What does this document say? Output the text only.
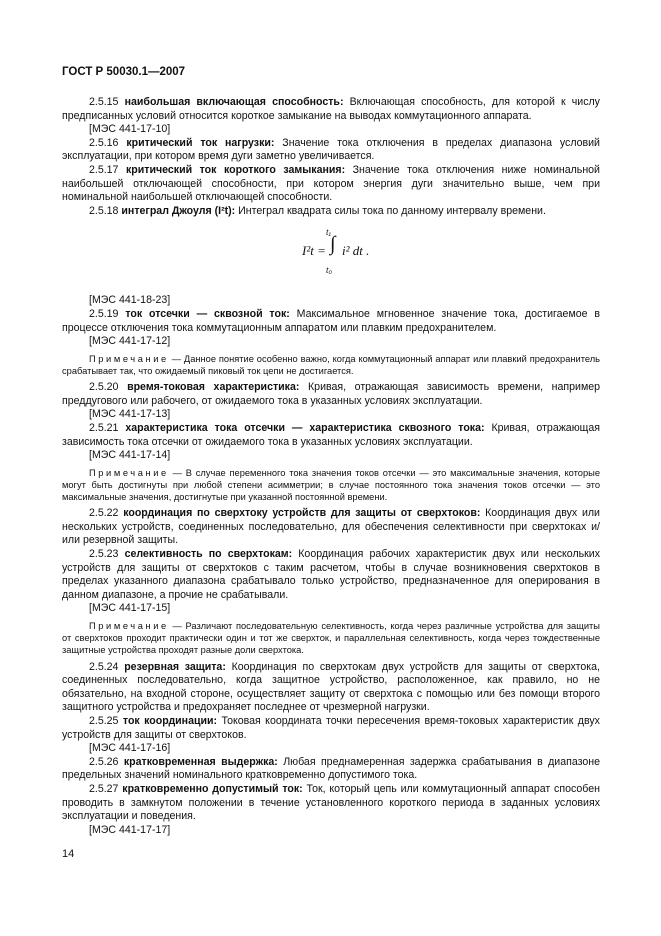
ГОСТ Р 50030.1—2007

2.5.15 наибольшая включающая способность: Включающая способность, для которой к числу предписанных условий относится короткое замыкание на выводах коммутационного аппарата.

[МЭС 441-17-10]

2.5.16 критический ток нагрузки: Значение тока отключения в пределах диапазона условий эксплуатации, при котором время дуги заметно увеличивается.

2.5.17 критический ток короткого замыкания: Значение тока отключения ниже номинальной наибольшей отключающей способности, при котором энергия дуги значительно выше, чем при номинальной наибольшей отключающей способности.

2.5.18 интеграл Джоуля (I²t): Интеграл квадрата силы тока по данному интервалу времени.

I²t =
t₁
∫
t₀
i² dt .

[МЭС 441-18-23]

2.5.19 ток отсечки — сквозной ток: Максимальное мгновенное значение тока, достигаемое в процессе отключения тока коммутационным аппаратом или плавким предохранителем.

[МЭС 441-17-12]

Примечание — Данное понятие особенно важно, когда коммутационный аппарат или плавкий предохранитель срабатывает так, что ожидаемый пиковый ток цепи не достигается.

2.5.20 время-токовая характеристика: Кривая, отражающая зависимость времени, например преддугового или рабочего, от ожидаемого тока в указанных условиях эксплуатации.

[МЭС 441-17-13]

2.5.21 характеристика тока отсечки — характеристика сквозного тока: Кривая, отражающая зависимость тока отсечки от ожидаемого тока в указанных условиях эксплуатации.

[МЭС 441-17-14]

Примечание — В случае переменного тока значения токов отсечки — это максимальные значения, которые могут быть достигнуты при любой степени асимметрии; в случае постоянного тока значения токов отсечки — это максимальные значения, достигнутые при указанной постоянной времени.

2.5.22 координация по сверхтоку устройств для защиты от сверхтоков: Координация двух или нескольких устройств, соединенных последовательно, для обеспечения селективности при сверхтоках и/или резервной защиты.

2.5.23 селективность по сверхтокам: Координация рабочих характеристик двух или нескольких устройств для защиты от сверхтоков с таким расчетом, чтобы в случае возникновения сверхтоков в пределах указанного диапазона срабатывало только устройство, предназначенное для оперирования в данном диапазоне, а прочие не срабатывали.

[МЭС 441-17-15]

Примечание — Различают последовательную селективность, когда через различные устройства для защиты от сверхтоков проходит практически один и тот же сверхток, и параллельная селективность, когда через тождественные защитные устройства проходят разные доли сверхтока.

2.5.24 резервная защита: Координация по сверхтокам двух устройств для защиты от сверхтока, соединенных последовательно, когда защитное устройство, расположенное, как правило, но не обязательно, на входной стороне, осуществляет защиту от сверхтока с помощью или без помощи второго защитного устройства и предохраняет последнее от чрезмерной нагрузки.

2.5.25 ток координации: Токовая координата точки пересечения время-токовых характеристик двух устройств для защиты от сверхтоков.

[МЭС 441-17-16]

2.5.26 кратковременная выдержка: Любая преднамеренная задержка срабатывания в диапазоне предельных значений номинального кратковременно допустимого тока.

2.5.27 кратковременно допустимый ток: Ток, который цепь или коммутационный аппарат способен проводить в замкнутом положении в течение установленного короткого периода в заданных условиях эксплуатации и поведения.

[МЭС 441-17-17]

14
